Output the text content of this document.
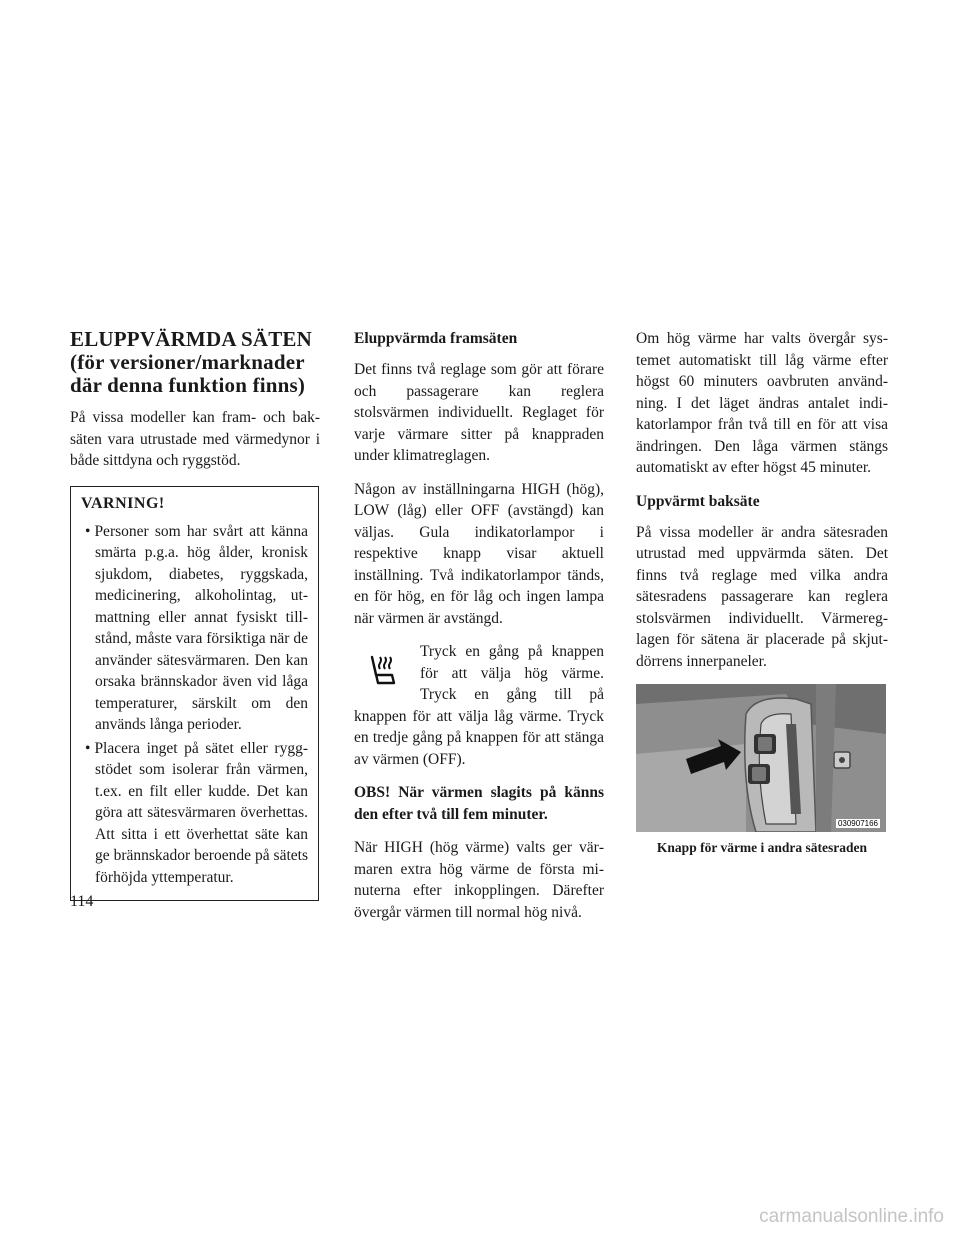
ELUPPVÄRMDA SÄTEN
(för versioner/marknader
där denna funktion finns)

På vissa modeller kan fram- och baksäten vara utrustade med värmedynor i både sittdyna och ryggstöd.

VARNING!
• Personer som har svårt att känna smärta p.g.a. hög ålder, kronisk sjukdom, diabetes, ryggskada, medicinering, alkoholintag, utmattning eller annat fysiskt tillstånd, måste vara försiktiga när de använder sätesvärmaren. Den kan orsaka brännskador även vid låga temperaturer, särskilt om den används långa perioder.
• Placera inget på sätet eller ryggstödet som isolerar från värmen, t.ex. en filt eller kudde. Det kan göra att sätesvärmaren överhettas. Att sitta i ett överhettat säte kan ge brännskador beroende på sätets förhöjda yttemperatur.
Eluppvärmda framsäten

Det finns två reglage som gör att förare och passagerare kan reglera stolsvärmen individuellt. Reglaget för varje värmare sitter på knappraden under klimatreglagen.

Någon av inställningarna HIGH (hög), LOW (låg) eller OFF (avstängd) kan väljas. Gula indikatorlampor i respektive knapp visar aktuell inställning. Två indikatorlampor tänds, en för hög, en för låg och ingen lampa när värmen är avstängd.

Tryck en gång på knappen för att välja hög värme. Tryck en gång till på knappen för att välja låg värme. Tryck en tredje gång på knappen för att stänga av värmen (OFF).

OBS! När värmen slagits på känns den efter två till fem minuter.

När HIGH (hög värme) valts ger värmaren extra hög värme de första minuterna efter inkopplingen. Därefter övergår värmen till normal hög nivå.

Om hög värme har valts övergår systemet automatiskt till låg värme efter högst 60 minuters oavbruten användning. I det läget ändras antalet indikatorlampor från två till en för att visa ändringen. Den låga värmen stängs automatiskt av efter högst 45 minuter.

Uppvärmt baksäte

På vissa modeller är andra sätesraden utrustad med uppvärmda säten. Det finns två reglage med vilka andra sätesradens passagerare kan reglera stolsvärmen individuellt. Värmereglagen för sätena är placerade på skjutdörrens innerpaneler.

030907166
Knapp för värme i andra sätesraden
114
carmanualsonline.info
